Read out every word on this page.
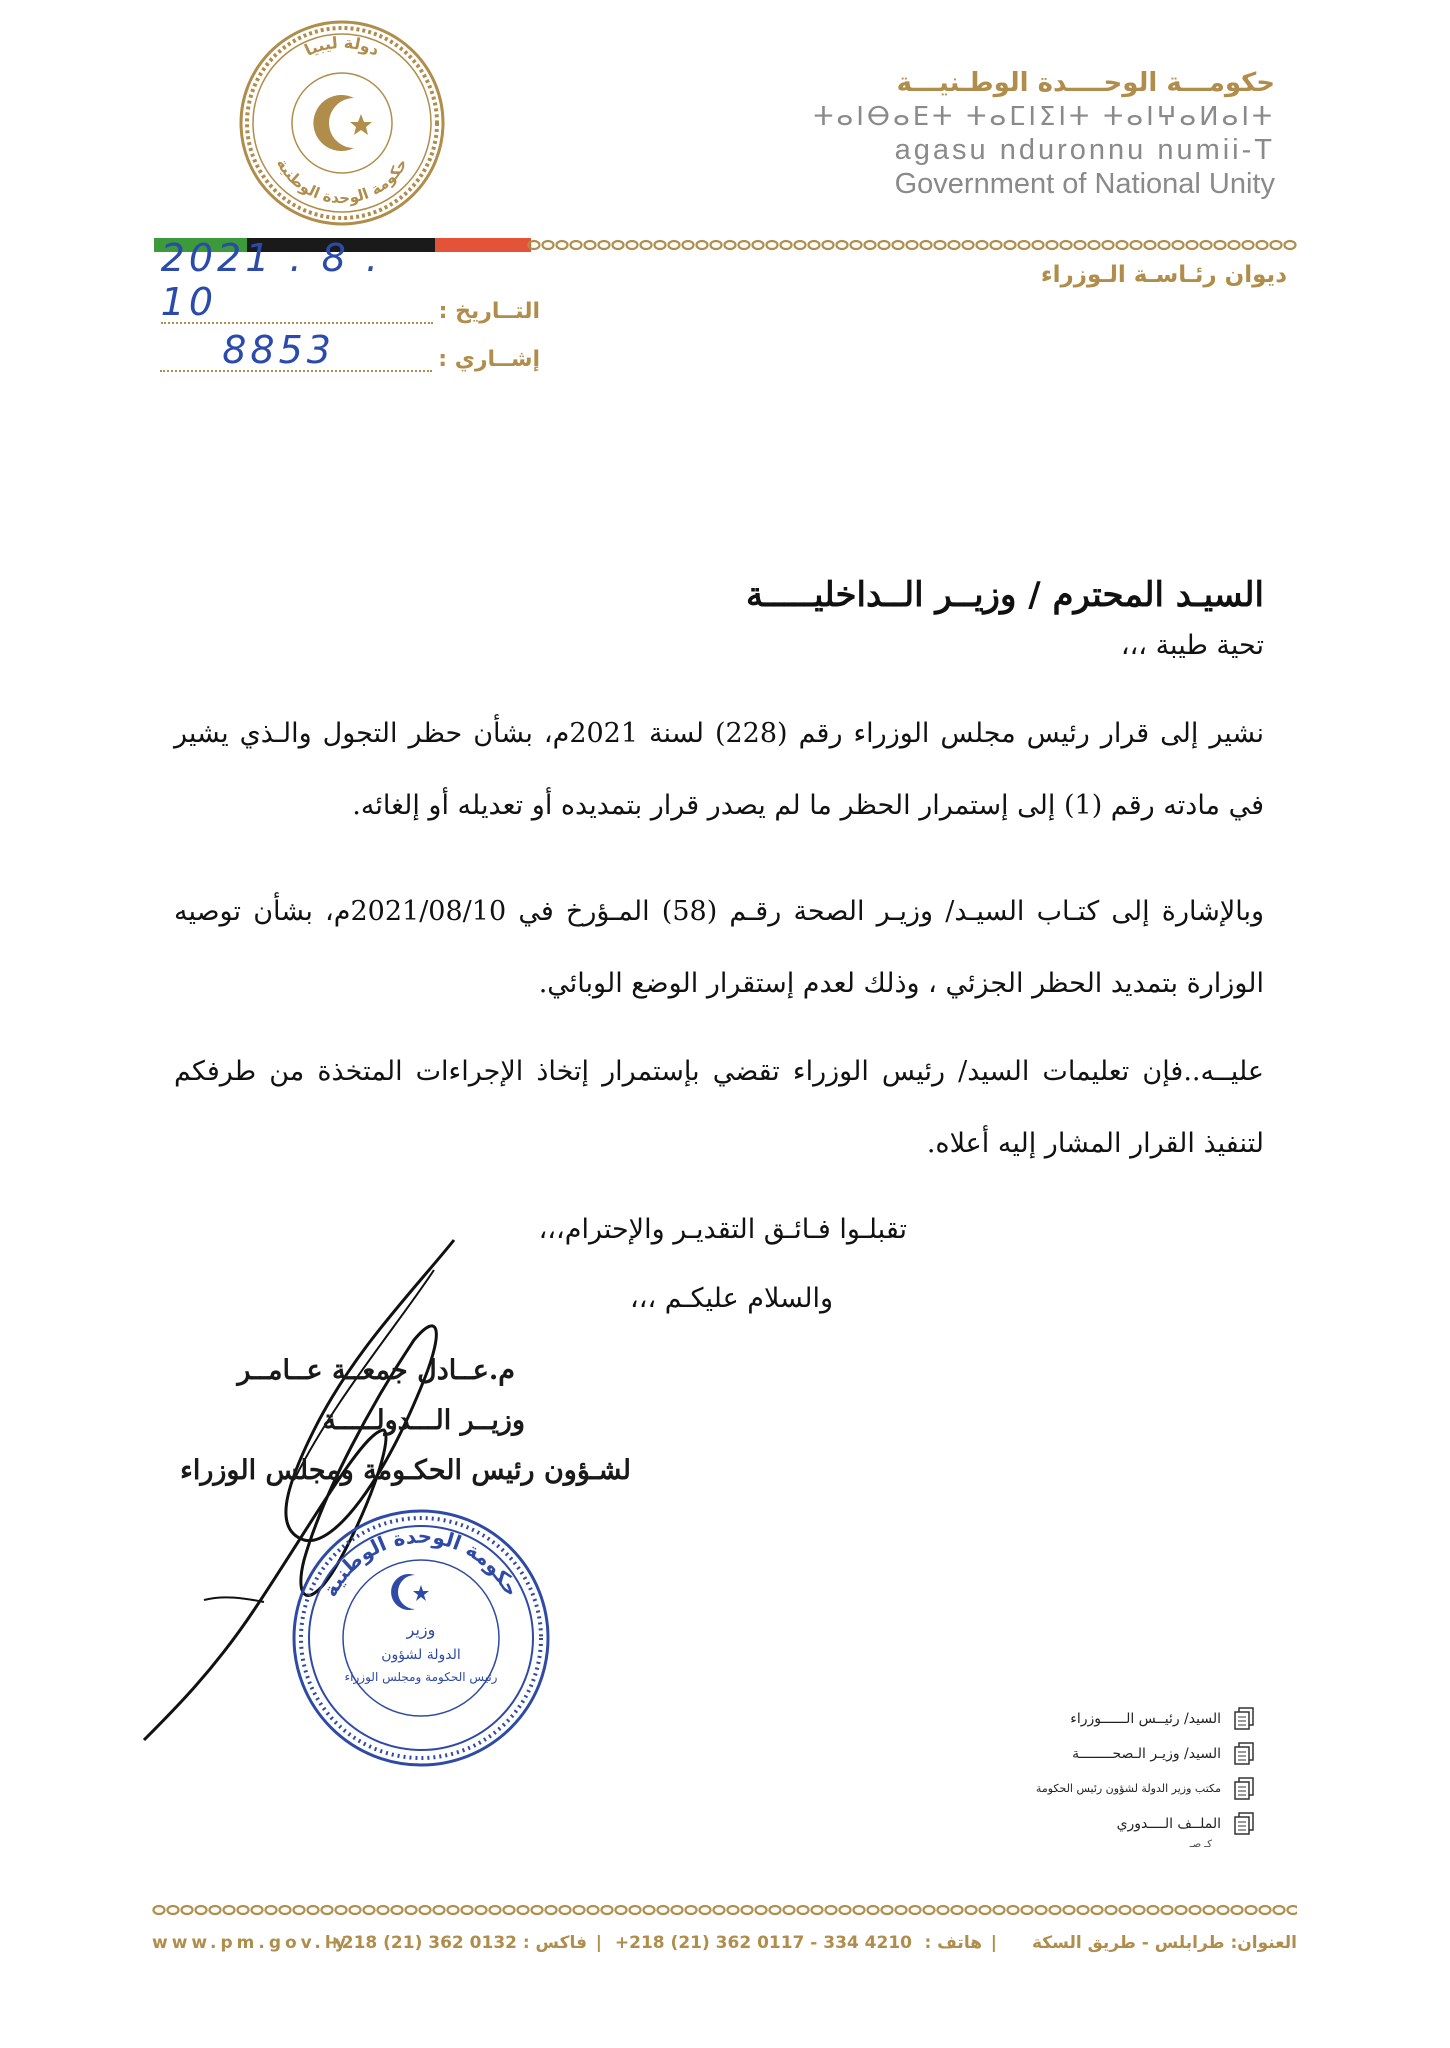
دولة ليبيا
حكومة الوحدة الوطنية
حكومـــة الوحــــدة الوطـنيـــة
ⵜⴰⵏⴱⴰⴹⵜ ⵜⴰⵎⵏⵉⵏⵜ ⵜⴰⵏⵖⴰⵍⴰⵏⵜ
agasu nduronnu numii-T
Government of National Unity
ديوان رئـاسـة الـوزراء
التــاريخ :
2021 . 8 . 10
إشــاري :
8853
السيـد المحترم / وزيــر الــداخليـــــة
تحية طيبة ،،،
نشير إلى قرار رئيس مجلس الوزراء رقم (228) لسنة 2021م، بشأن حظر التجول والـذي يشير في مادته رقم (1) إلى إستمرار الحظر ما لم يصدر قرار بتمديده أو تعديله أو إلغائه.
وبالإشارة إلى كتـاب السيـد/ وزيـر الصحة رقـم (58) المـؤرخ في 2021/08/10م، بشأن توصيه الوزارة بتمديد الحظر الجزئي ، وذلك لعدم إستقرار الوضع الوبائي.
عليــه..فإن تعليمات السيد/ رئيس الوزراء تقضي بإستمرار إتخاذ الإجراءات المتخذة من طرفكم لتنفيذ القرار المشار إليه أعلاه.
تقبلـوا فـائـق التقديـر والإحترام،،،
والسلام عليكـم ،،،
م.عــادل جمعــة عــامــر
وزيــر الـــدولـــــة
لشـؤون رئيس الحكـومة ومجلس الوزراء
حكومة الوحدة الوطنية
وزير
الدولة لشؤون
رئيس الحكومة ومجلس الوزراء
السيد/ رئيــس الــــــوزراء
السيد/ وزيـر الـصحــــــــة
مكتب وزير الدولة لشؤون رئيس الحكومة
الملــف الــــدوري
كـ صـ
العنوان: طرابلس - طريق السكة
|
هاتف :
+218 (21) 362 0117 - 334 4210
|
فاكس :
+218 (21) 362 0132
www.pm.gov.ly
